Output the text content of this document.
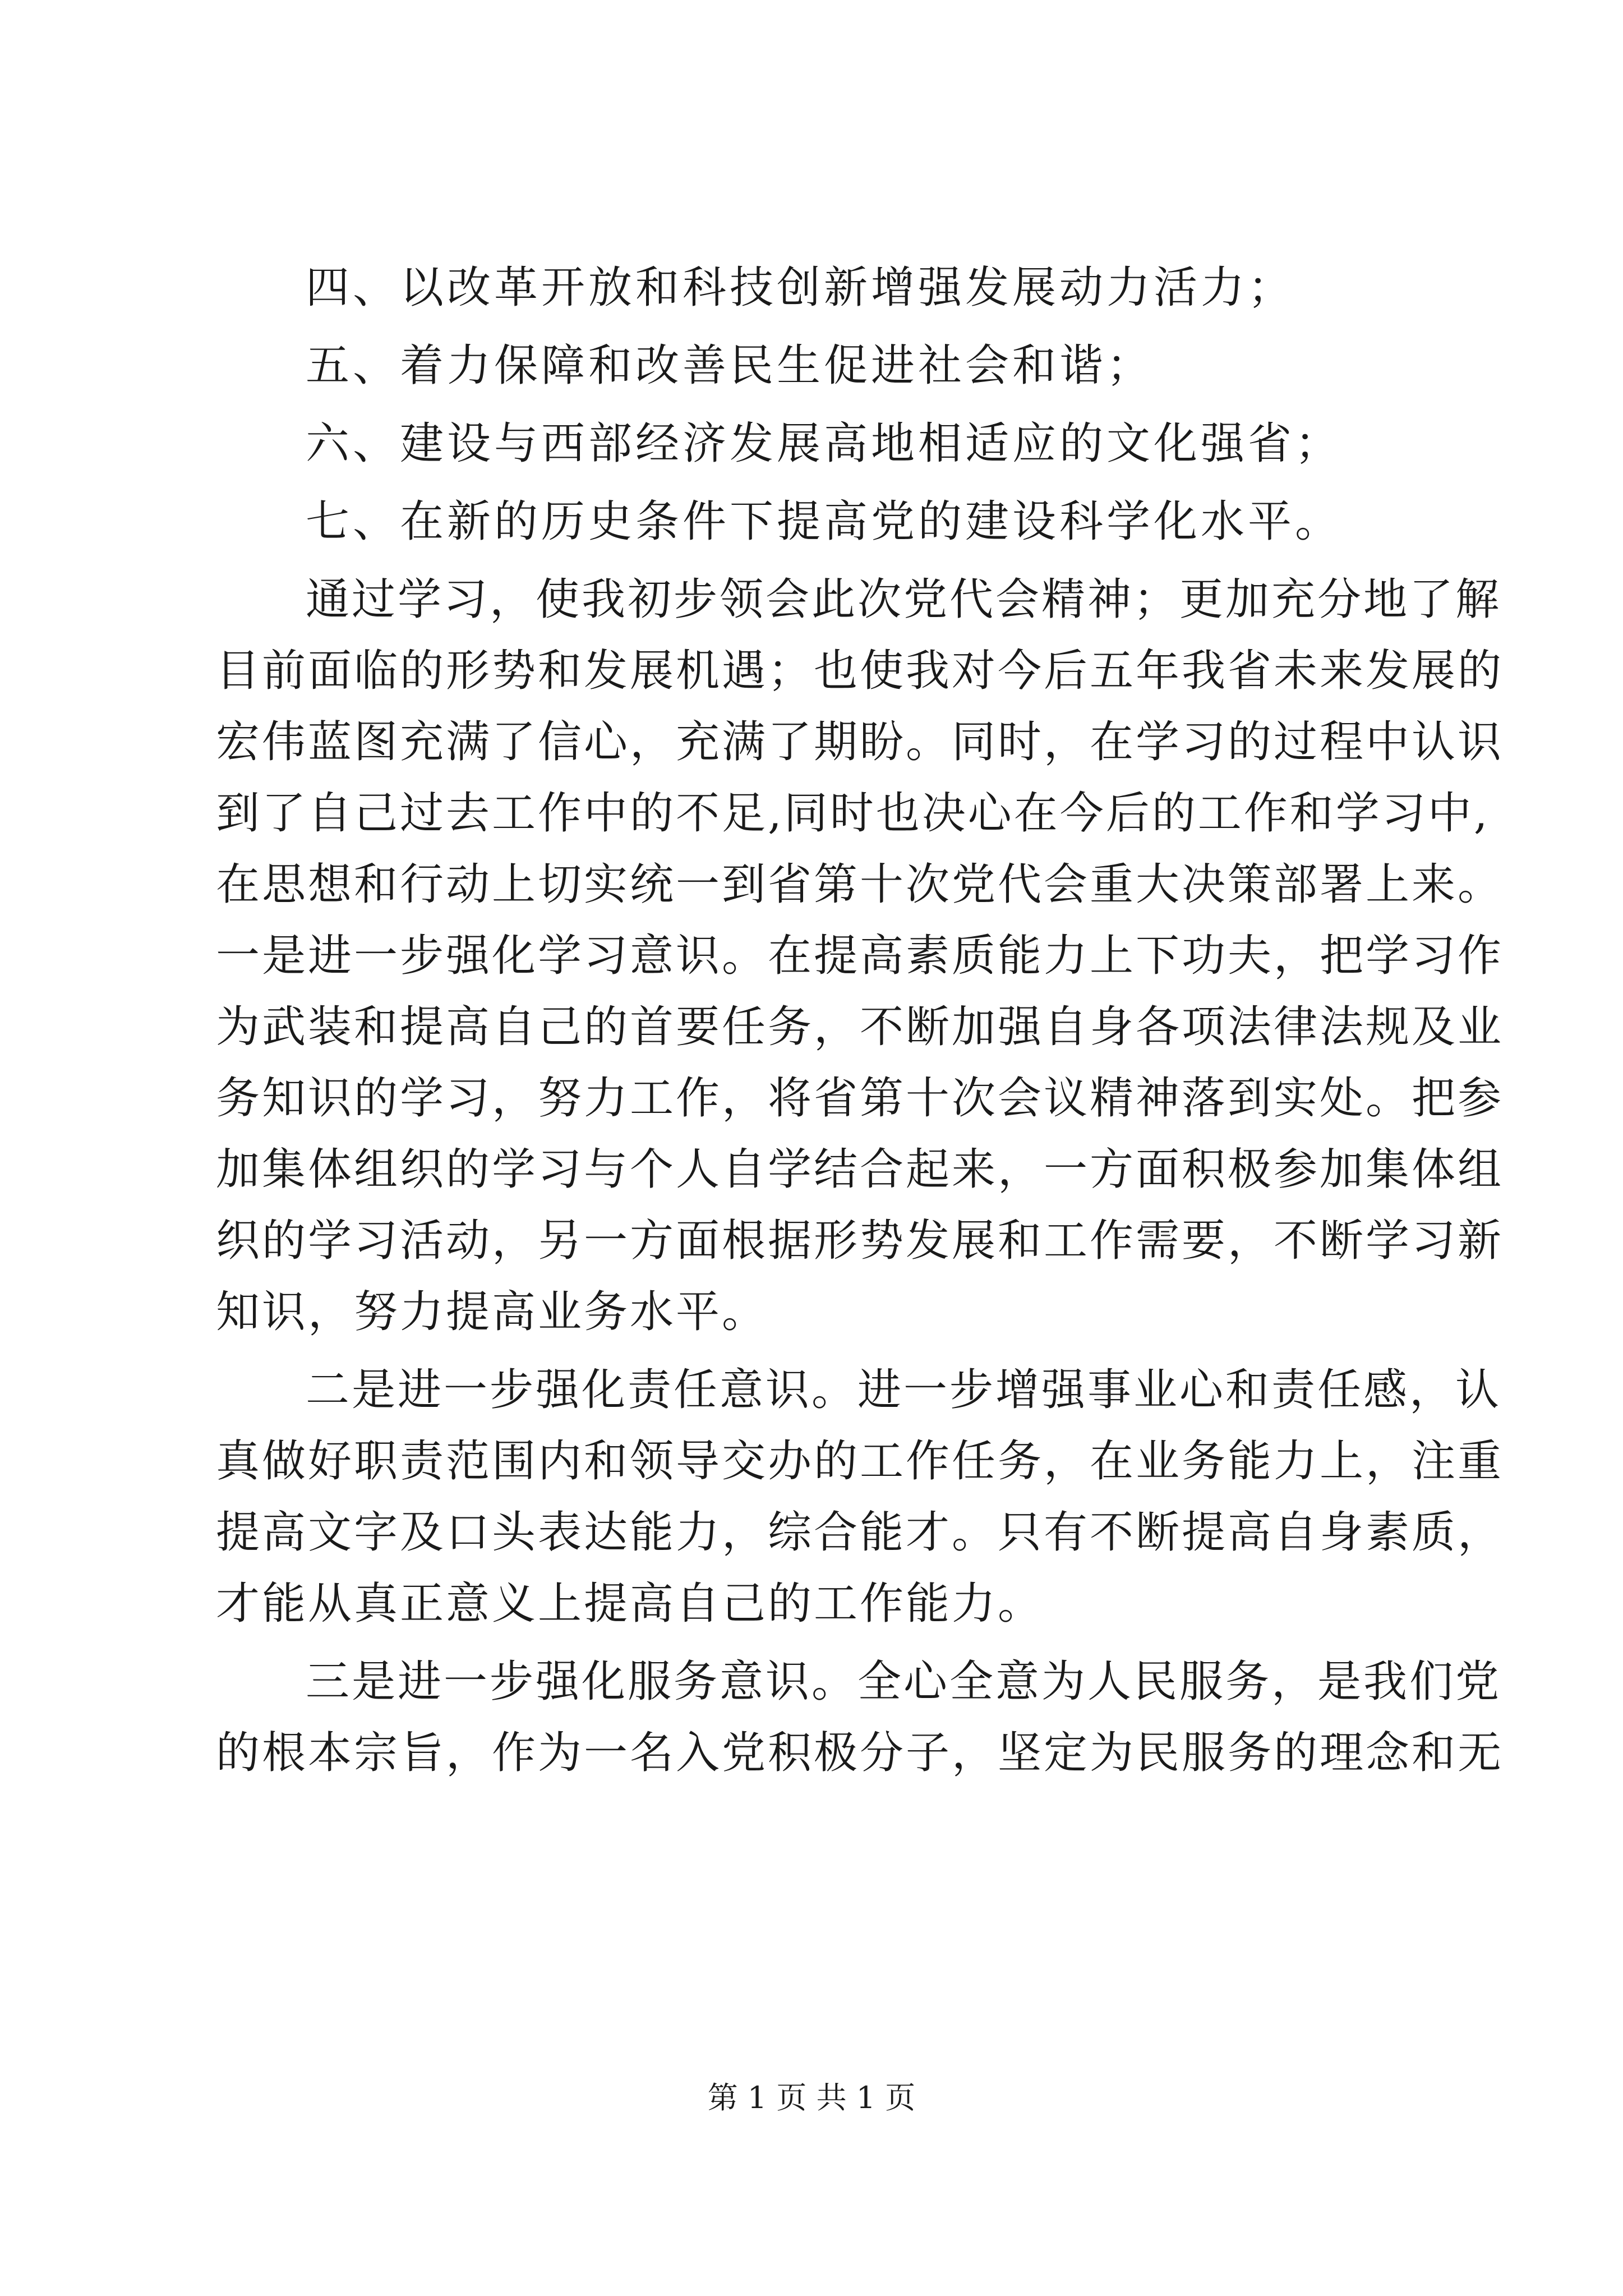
四、以改革开放和科技创新增强发展动力活力；
五、着力保障和改善民生促进社会和谐；
六、建设与西部经济发展高地相适应的文化强省；
七、在新的历史条件下提高党的建设科学化水平。
通过学习，使我初步领会此次党代会精神；更加充分地了解
目前面临的形势和发展机遇；也使我对今后五年我省未来发展的
宏伟蓝图充满了信心，充满了期盼。同时，在学习的过程中认识
到了自己过去工作中的不足,同时也决心在今后的工作和学习中,
在思想和行动上切实统一到省第十次党代会重大决策部署上来。
一是进一步强化学习意识。在提高素质能力上下功夫，把学习作
为武装和提高自己的首要任务，不断加强自身各项法律法规及业
务知识的学习，努力工作，将省第十次会议精神落到实处。把参
加集体组织的学习与个人自学结合起来，一方面积极参加集体组
织的学习活动，另一方面根据形势发展和工作需要，不断学习新
知识，努力提高业务水平。
二是进一步强化责任意识。进一步增强事业心和责任感，认
真做好职责范围内和领导交办的工作任务，在业务能力上，注重
提高文字及口头表达能力，综合能才。只有不断提高自身素质，
才能从真正意义上提高自己的工作能力。
三是进一步强化服务意识。全心全意为人民服务，是我们党
的根本宗旨，作为一名入党积极分子，坚定为民服务的理念和无
第 1 页 共 1 页
